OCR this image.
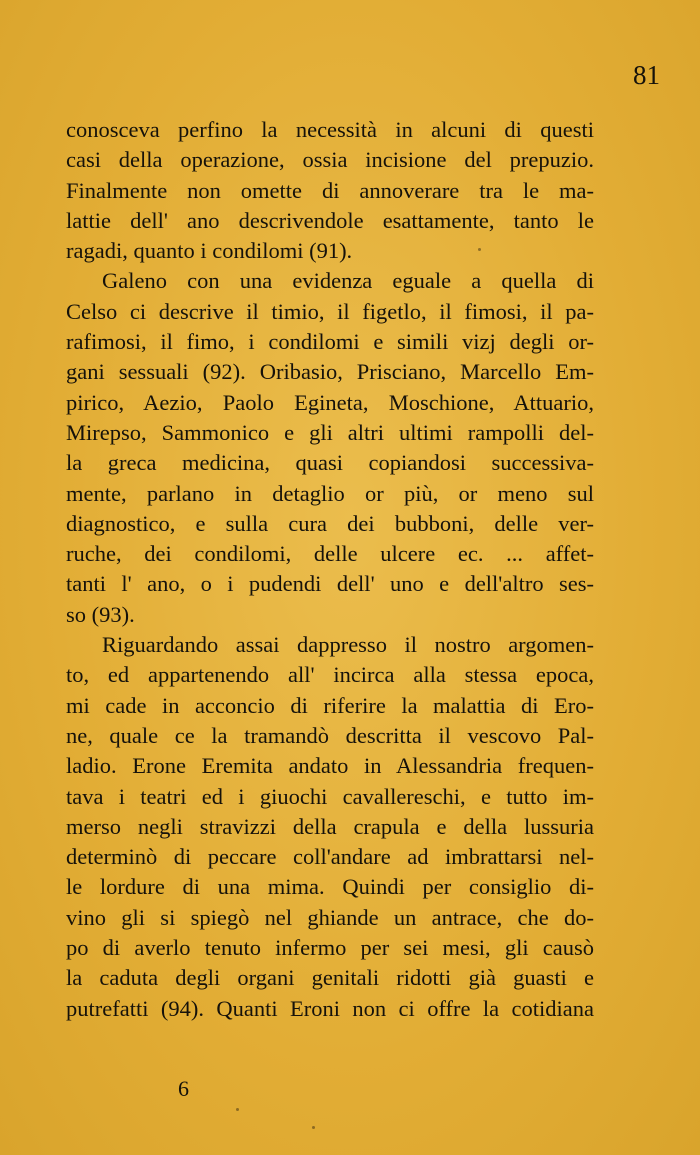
81
conosceva perfino la necessità in alcuni di questi
casi della operazione, ossia incisione del prepuzio.
Finalmente non omette di annoverare tra le ma-
lattie dell' ano descrivendole esattamente, tanto le
ragadi, quanto i condilomi (91).
Galeno con una evidenza eguale a quella di
Celso ci descrive il timio, il figetlo, il fimosi, il pa-
rafimosi, il fimo, i condilomi e simili vizj degli or-
gani sessuali (92). Oribasio, Prisciano, Marcello Em-
pirico, Aezio, Paolo Egineta, Moschione, Attuario,
Mirepso, Sammonico e gli altri ultimi rampolli del-
la greca medicina, quasi copiandosi successiva-
mente, parlano in detaglio or più, or meno sul
diagnostico, e sulla cura dei bubboni, delle ver-
ruche, dei condilomi, delle ulcere ec. ... affet-
tanti l' ano, o i pudendi dell' uno e dell'altro ses-
so (93).
Riguardando assai dappresso il nostro argomen-
to, ed appartenendo all' incirca alla stessa epoca,
mi cade in acconcio di riferire la malattia di Ero-
ne, quale ce la tramandò descritta il vescovo Pal-
ladio. Erone Eremita andato in Alessandria frequen-
tava i teatri ed i giuochi cavallereschi, e tutto im-
merso negli stravizzi della crapula e della lussuria
determinò di peccare coll'andare ad imbrattarsi nel-
le lordure di una mima. Quindi per consiglio di-
vino gli si spiegò nel ghiande un antrace, che do-
po di averlo tenuto infermo per sei mesi, gli causò
la caduta degli organi genitali ridotti già guasti e
putrefatti (94). Quanti Eroni non ci offre la cotidiana
6
